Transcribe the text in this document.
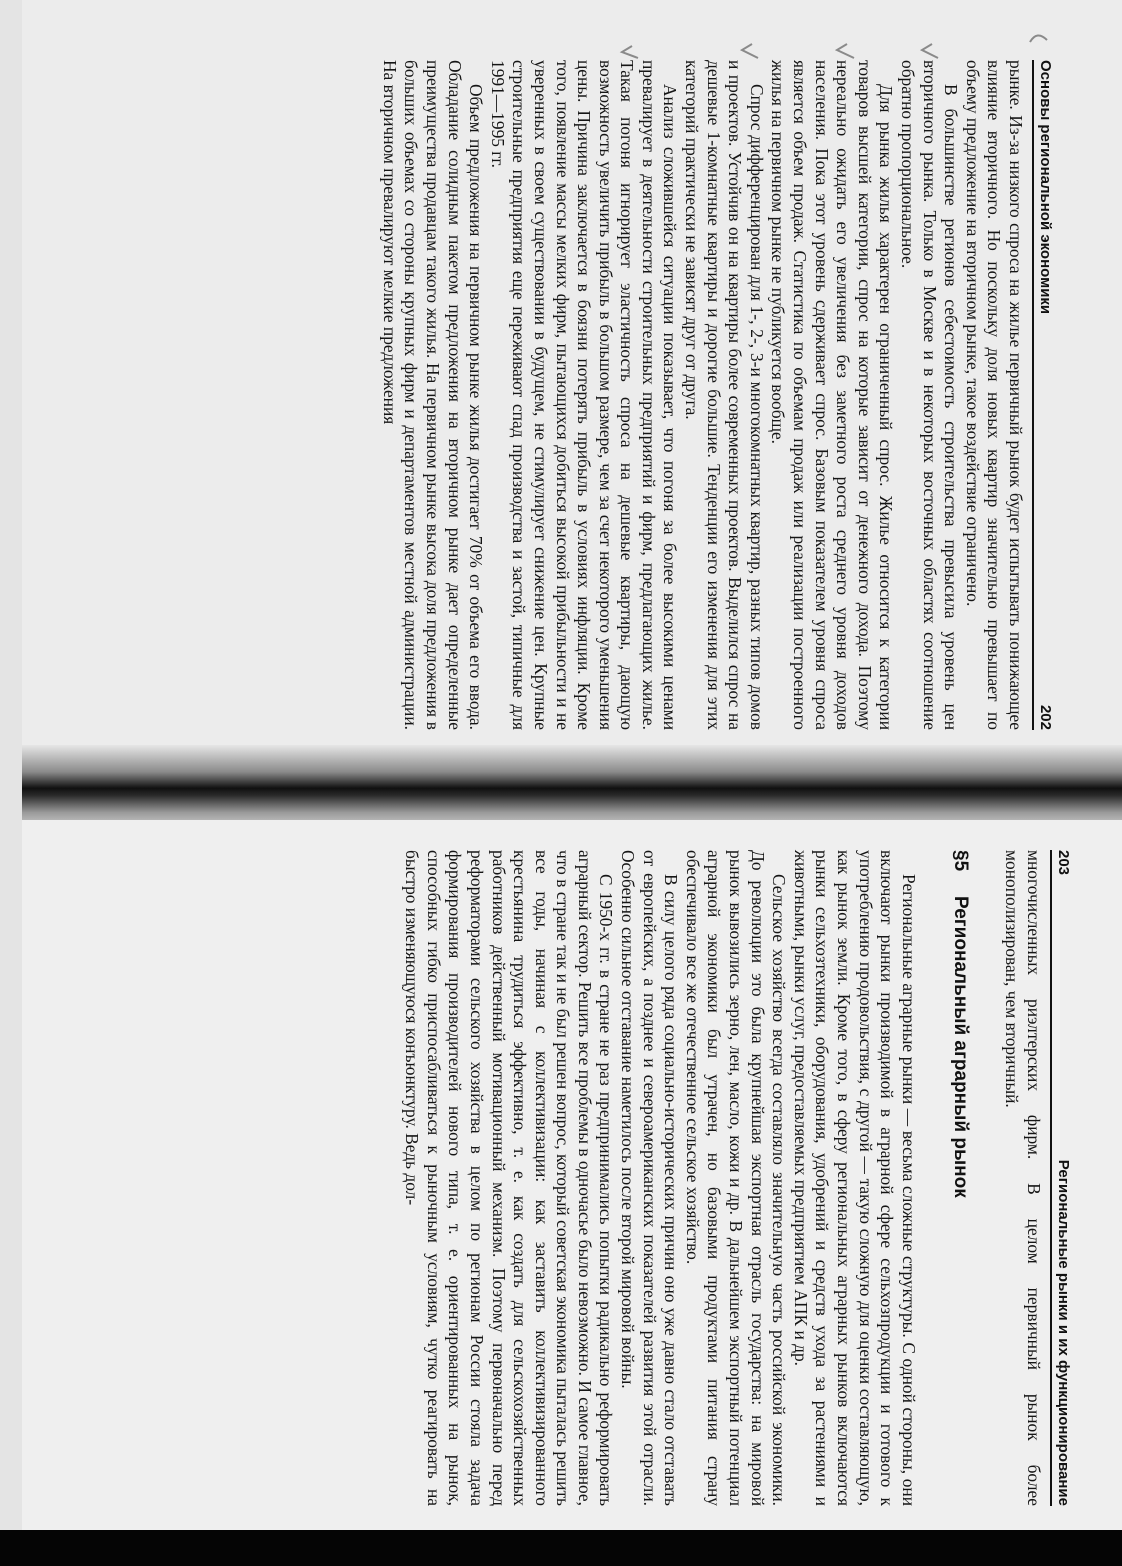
Основы региональной экономики
202

рынке. Из-за низкого спроса на жилье первичный рынок будет испытывать понижающее влияние вторичного. Но поскольку доля новых квартир значительно превышает по объему предложение на вторичном рынке, такое воздействие ограничено.

В большинстве регионов себестоимость строительства превысила уровень цен вторичного рынка. Только в Москве и в некоторых восточных областях соотношение обратно пропорциональное.

Для рынка жилья характерен ограниченный спрос. Жилье относится к категории товаров высшей категории, спрос на которые зависит от денежного дохода. Поэтому нереально ожидать его увеличения без заметного роста среднего уровня доходов населения. Пока этот уровень сдерживает спрос. Базовым показателем уровня спроса является объем продаж. Статистика по объемам продаж или реализации построенного жилья на первичном рынке не публикуется вообще.

Спрос дифференцирован для 1-, 2-, 3-и многокомнатных квартир, разных типов домов и проектов. Устойчив он на квартиры более современных проектов. Выделился спрос на дешевые 1-комнатные квартиры и дорогие большие. Тенденции его изменения для этих категорий практически не зависят друг от друга.

Анализ сложившейся ситуации показывает, что погоня за более высокими ценами превалирует в деятельности строительных предприятий и фирм, предлагающих жилье. Такая погоня игнорирует эластичность спроса на дешевые квартиры, дающую возможность увеличить прибыль в большом размере, чем за счет некоторого уменьшения цены. Причина заключается в боязни потерять прибыль в условиях инфляции. Кроме того, появление массы мелких фирм, пытающихся добиться высокой прибыльности и не уверенных в своем существовании в будущем, не стимулирует снижение цен. Крупные строительные предприятия еще переживают спад производства и застой, типичные для 1991—1995 гг.

Объем предложения на первичном рынке жилья достигает 70% от объема его ввода. Обладание солидным пакетом предложения на вторичном рынке дает определенные преимущества продавцам такого жилья. На первичном рынке высока доля предложения в больших объемах со стороны крупных фирм и департаментов местной администрации. На вторичном превалируют мелкие предложения

203
Региональные рынки и их функционирование

многочисленных риэлтерских фирм. В целом первичный рынок более монополизирован, чем вторичный.

§5Региональный аграрный рынок

Региональные аграрные рынки — весьма сложные структуры. С одной стороны, они включают рынки производимой в аграрной сфере сельхозпродукции и готового к употреблению продовольствия, с другой — такую сложную для оценки составляющую, как рынок земли. Кроме того, в сферу региональных аграрных рынков включаются рынки сельхозтехники, оборудования, удобрений и средств ухода за растениями и животными, рынки услуг, предоставляемых предприятием АПК и др.

Сельское хозяйство всегда составляло значительную часть российской экономики. До революции это была крупнейшая экспортная отрасль государства: на мировой рынок вывозились зерно, лен, масло, кожи и др. В дальнейшем экспортный потенциал аграрной экономики был утрачен, но базовыми продуктами питания страну обеспечивало все же отечественное сельское хозяйство.

В силу целого ряда социально-исторических причин оно уже давно стало отставать от европейских, а позднее и североамериканских показателей развития этой отрасли. Особенно сильное отставание наметилось после второй мировой войны.

С 1950-х гг. в стране не раз предпринимались попытки радикально реформировать аграрный сектор. Решить все проблемы в одночасье было невозможно. И самое главное, что в стране так и не был решен вопрос, который советская экономика пыталась решить все годы, начиная с коллективизации: как заставить коллективизированного крестьянина трудиться эффективно, т. е. как создать для сельскохозяйственных работников действенный мотивационный механизм. Поэтому первоначально перед реформаторами сельского хозяйства в целом по регионам России стояла задача формирования производителей нового типа, т. е. ориентированных на рынок, способных гибко приспосабливаться к рыночным условиям, чутко реагировать на быстро изменяющуюся конъюнктуру. Ведь дол-
